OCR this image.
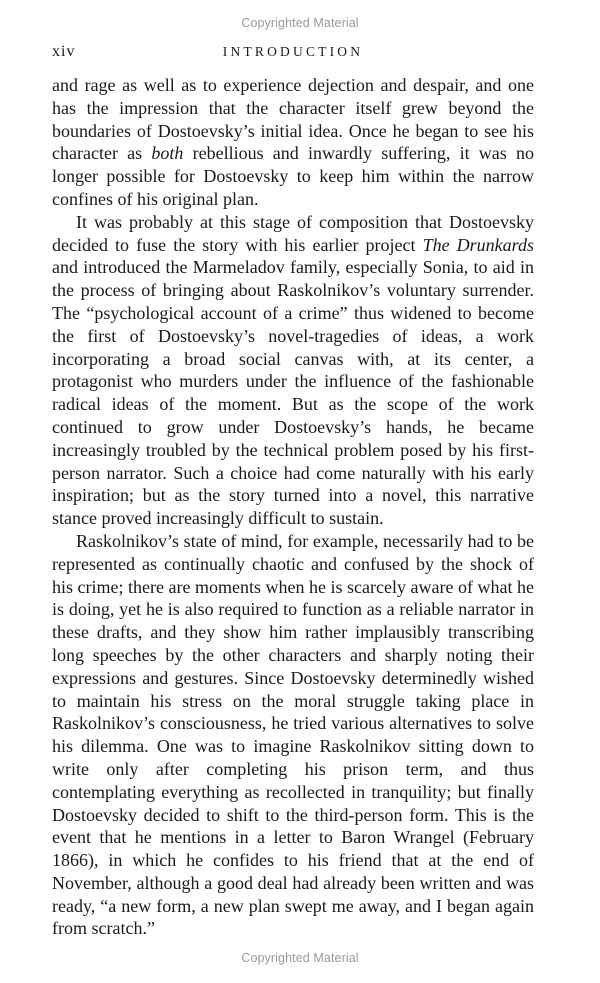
Copyrighted Material
xiv	INTRODUCTION

and rage as well as to experience dejection and despair, and one has the impression that the character itself grew beyond the boundaries of Dostoevsky’s initial idea. Once he began to see his character as both rebellious and inwardly suffering, it was no longer possible for Dostoevsky to keep him within the narrow confines of his original plan.

It was probably at this stage of composition that Dostoevsky decided to fuse the story with his earlier project The Drunkards and introduced the Marmeladov family, especially Sonia, to aid in the process of bringing about Raskolnikov’s voluntary surrender. The “psychological account of a crime” thus widened to become the first of Dostoevsky’s novel-tragedies of ideas, a work incorporating a broad social canvas with, at its center, a protagonist who murders under the influence of the fashionable radical ideas of the moment. But as the scope of the work continued to grow under Dostoevsky’s hands, he became increasingly troubled by the technical problem posed by his first-person narrator. Such a choice had come naturally with his early inspiration; but as the story turned into a novel, this narrative stance proved increasingly difficult to sustain.

Raskolnikov’s state of mind, for example, necessarily had to be represented as continually chaotic and confused by the shock of his crime; there are moments when he is scarcely aware of what he is doing, yet he is also required to function as a reliable narrator in these drafts, and they show him rather implausibly transcribing long speeches by the other characters and sharply noting their expressions and gestures. Since Dostoevsky determinedly wished to maintain his stress on the moral struggle taking place in Raskolnikov’s consciousness, he tried various alternatives to solve his dilemma. One was to imagine Raskolnikov sitting down to write only after completing his prison term, and thus contemplating everything as recollected in tranquility; but finally Dostoevsky decided to shift to the third-person form. This is the event that he mentions in a letter to Baron Wrangel (February 1866), in which he confides to his friend that at the end of November, although a good deal had already been written and was ready, “a new form, a new plan swept me away, and I began again from scratch.”

Copyrighted Material
